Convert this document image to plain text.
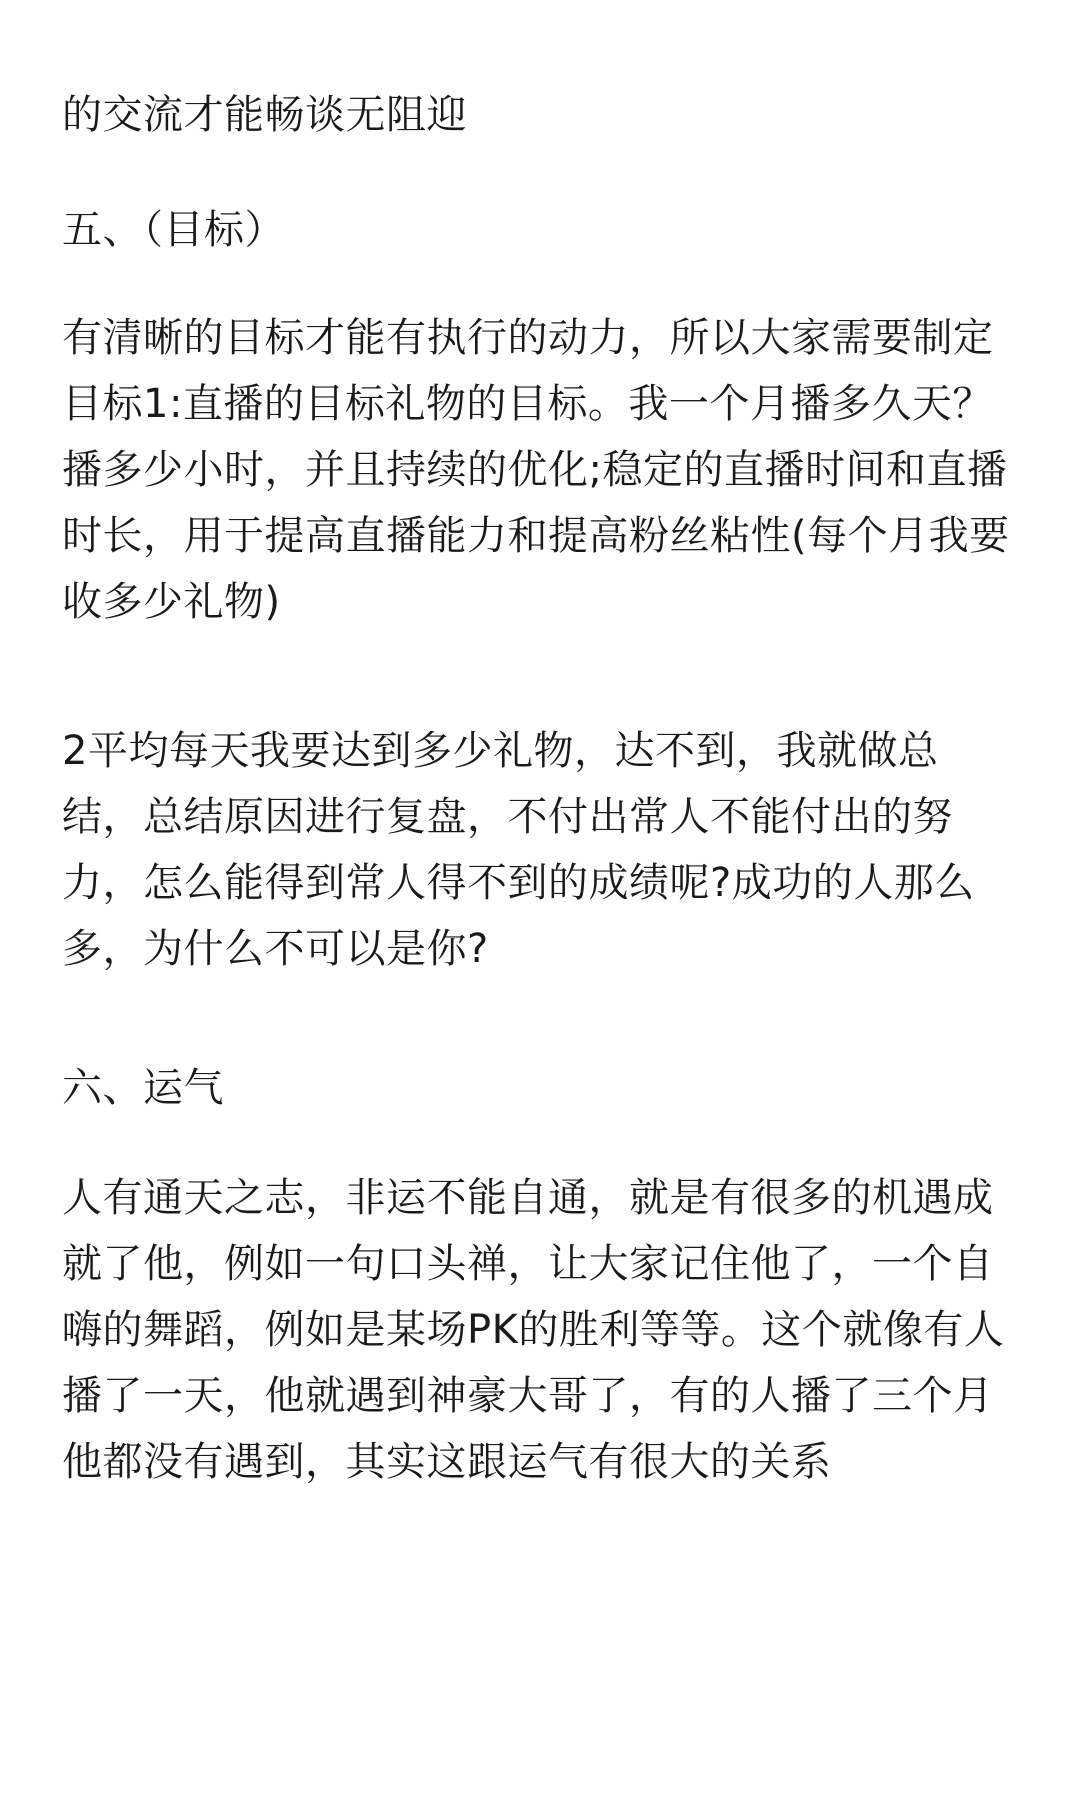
的交流才能畅谈无阻迎

五、（目标）

有清晰的目标才能有执行的动力，所以大家需要制定目标1:直播的目标礼物的目标。我一个月播多久天？播多少小时，并且持续的优化;稳定的直播时间和直播时长，用于提高直播能力和提高粉丝粘性(每个月我要收多少礼物)

2平均每天我要达到多少礼物，达不到，我就做总结，总结原因进行复盘，不付出常人不能付出的努力，怎么能得到常人得不到的成绩呢?成功的人那么多，为什么不可以是你?

六、运气

人有通天之志，非运不能自通，就是有很多的机遇成就了他，例如一句口头禅，让大家记住他了，一个自嗨的舞蹈，例如是某场PK的胜利等等。这个就像有人播了一天，他就遇到神豪大哥了，有的人播了三个月他都没有遇到，其实这跟运气有很大的关系
